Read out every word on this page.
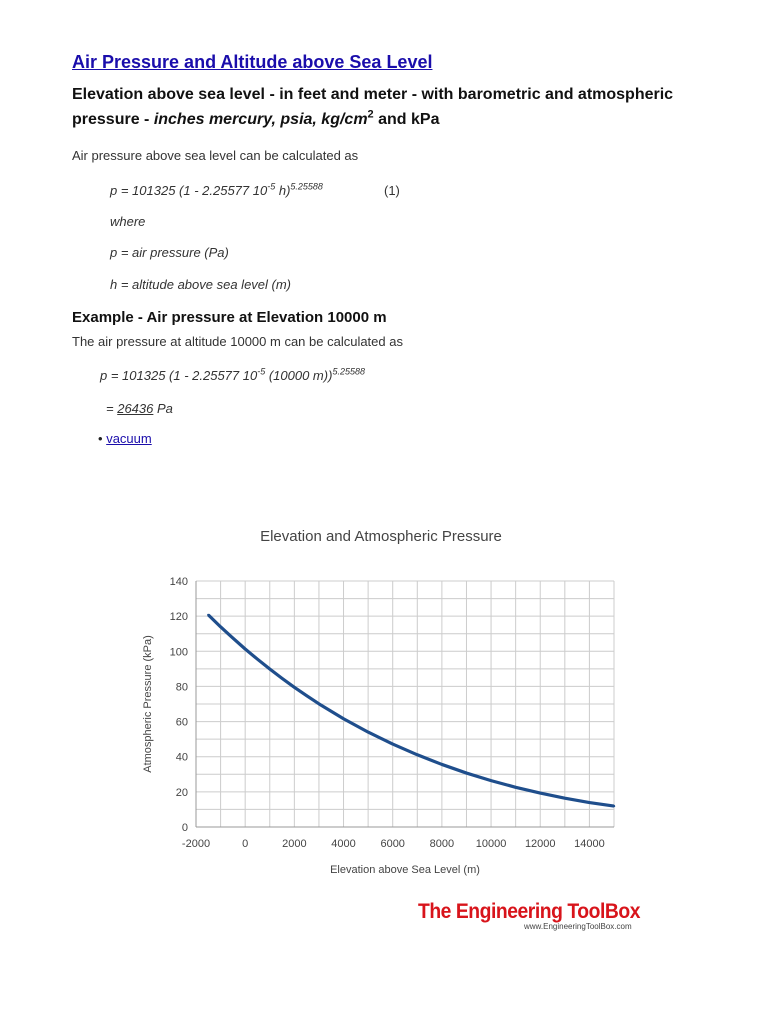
Air Pressure and Altitude above Sea Level
Elevation above sea level - in feet and meter - with barometric and atmospheric
pressure - inches mercury, psia, $kg/cm^2$ and kPa

Air pressure above sea level can be calculated as

p = 101325 (1 - 2.25577 $10^{-5}$ h)$^{5.25588}$	(1)
where
p = air pressure (Pa)
h = altitude above sea level (m)
Example - Air pressure at Elevation 10000 m

The air pressure at altitude 10000 m can be calculated as

p = 101325 (1 - 2.25577 $10^{-5}$ (10000 m))$^{5.25588}$
= 26436 Pa
• vacuum
Elevation and Atmospheric Pressure
-2000	0	2000 4000 6000 8000 10000 12000 14000
0
20
40
60
80
100
120
140
Elevation above Sea Level (m)
Atmospheric Pressure (kPa)
The Engineering ToolBox
www.EngineeringToolBox.com
